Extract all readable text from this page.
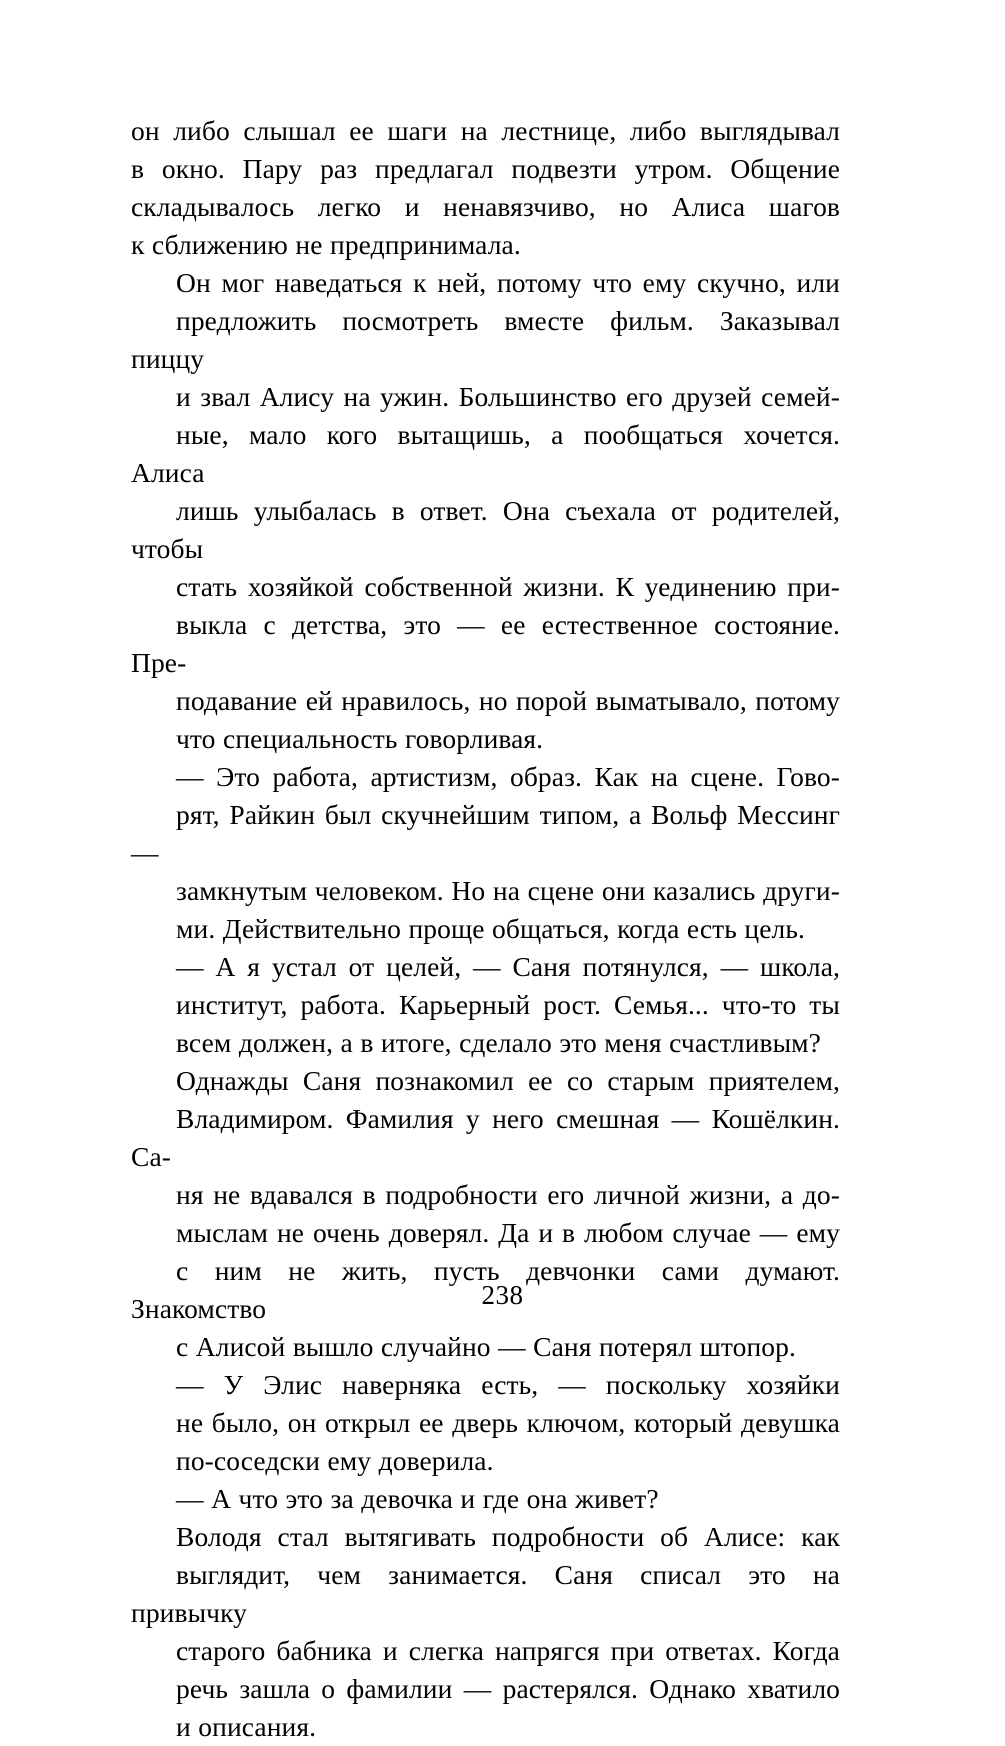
он либо слышал ее шаги на лестнице, либо выглядывал
в окно. Пару раз предлагал подвезти утром. Общение
складывалось легко и ненавязчиво, но Алиса шагов
к сближению не предпринимала.

Он мог наведаться к ней, потому что ему скучно, или
предложить посмотреть вместе фильм. Заказывал пиццу
и звал Алису на ужин. Большинство его друзей семей-
ные, мало кого вытащишь, а пообщаться хочется. Алиса
лишь улыбалась в ответ. Она съехала от родителей, чтобы
стать хозяйкой собственной жизни. К уединению при-
выкла с детства, это — ее естественное состояние. Пре-
подавание ей нравилось, но порой выматывало, потому
что специальность говорливая.

— Это работа, артистизм, образ. Как на сцене. Гово-
рят, Райкин был скучнейшим типом, а Вольф Мессинг —
замкнутым человеком. Но на сцене они казались други-
ми. Действительно проще общаться, когда есть цель.

— А я устал от целей, — Саня потянулся, — школа,
институт, работа. Карьерный рост. Семья... что-то ты
всем должен, а в итоге, сделало это меня счастливым?

Однажды Саня познакомил ее со старым приятелем,
Владимиром. Фамилия у него смешная — Кошёлкин. Са-
ня не вдавался в подробности его личной жизни, а до-
мыслам не очень доверял. Да и в любом случае — ему
с ним не жить, пусть девчонки сами думают. Знакомство
с Алисой вышло случайно — Саня потерял штопор.

— У Элис наверняка есть, — поскольку хозяйки
не было, он открыл ее дверь ключом, который девушка
по-соседски ему доверила.

— А что это за девочка и где она живет?

Володя стал вытягивать подробности об Алисе: как
выглядит, чем занимается. Саня списал это на привычку
старого бабника и слегка напрягся при ответах. Когда
речь зашла о фамилии — растерялся. Однако хватило
и описания.

238
